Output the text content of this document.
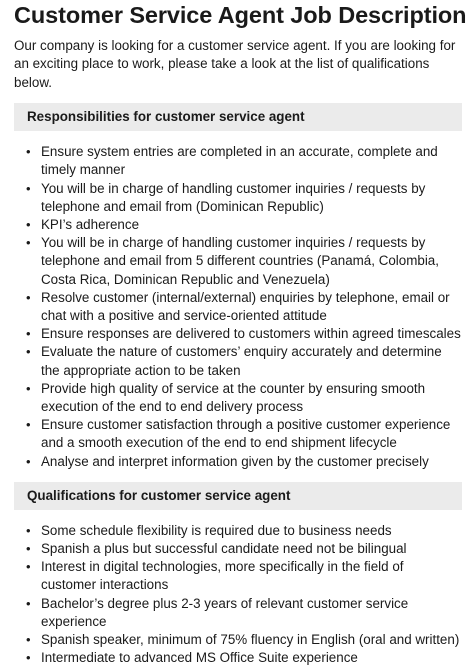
Customer Service Agent Job Description

Our company is looking for a customer service agent. If you are looking for an exciting place to work, please take a look at the list of qualifications below.

Responsibilities for customer service agent
• Ensure system entries are completed in an accurate, complete and timely manner
• You will be in charge of handling customer inquiries / requests by telephone and email from (Dominican Republic)
• KPI’s adherence
• You will be in charge of handling customer inquiries / requests by telephone and email from 5 different countries (Panamá, Colombia, Costa Rica, Dominican Republic and Venezuela)
• Resolve customer (internal/external) enquiries by telephone, email or chat with a positive and service-oriented attitude
• Ensure responses are delivered to customers within agreed timescales
• Evaluate the nature of customers’ enquiry accurately and determine the appropriate action to be taken
• Provide high quality of service at the counter by ensuring smooth execution of the end to end delivery process
• Ensure customer satisfaction through a positive customer experience and a smooth execution of the end to end shipment lifecycle
• Analyse and interpret information given by the customer precisely
Qualifications for customer service agent
• Some schedule flexibility is required due to business needs
• Spanish a plus but successful candidate need not be bilingual
• Interest in digital technologies, more specifically in the field of customer interactions
• Bachelor’s degree plus 2-3 years of relevant customer service experience
• Spanish speaker, minimum of 75% fluency in English (oral and written)
• Intermediate to advanced MS Office Suite experience
